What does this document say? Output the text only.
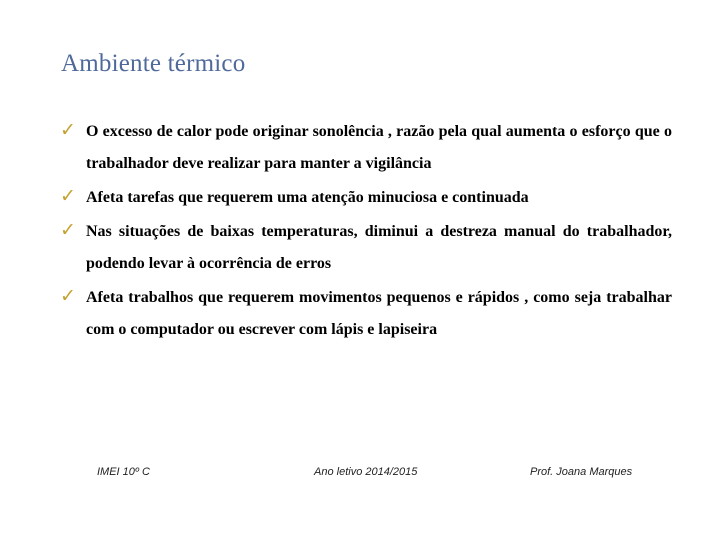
Ambiente térmico
✓ O excesso de calor pode originar sonolência , razão pela qual aumenta o esforço que o trabalhador deve realizar para manter a vigilância
✓ Afeta tarefas que requerem uma atenção minuciosa e continuada
✓ Nas situações de baixas temperaturas, diminui a destreza manual do trabalhador, podendo levar à ocorrência de erros
✓ Afeta trabalhos que requerem movimentos pequenos e rápidos , como seja trabalhar com o computador ou escrever com lápis e lapiseira
IMEI 10º C	Ano letivo 2014/2015	Prof. Joana Marques
